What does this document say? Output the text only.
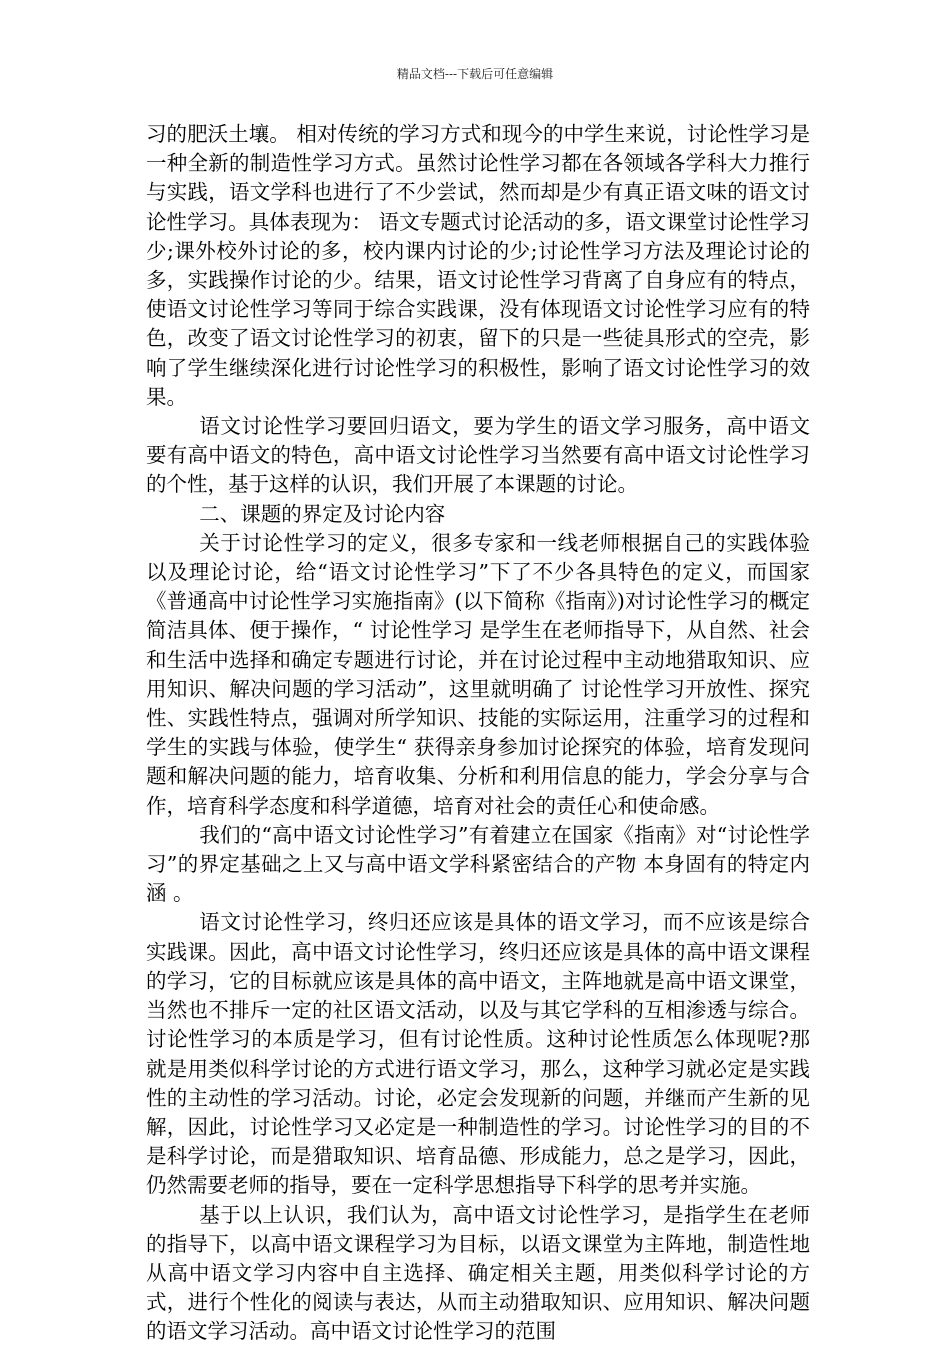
精品文档---下载后可任意编辑

习的肥沃土壤。 相对传统的学习方式和现今的中学生来说，讨论性学习是一种全新的制造性学习方式。虽然讨论性学习都在各领域各学科大力推行与实践，语文学科也进行了不少尝试，然而却是少有真正语文味的语文讨论性学习。具体表现为： 语文专题式讨论活动的多，语文课堂讨论性学习少;课外校外讨论的多，校内课内讨论的少;讨论性学习方法及理论讨论的多，实践操作讨论的少。结果，语文讨论性学习背离了自身应有的特点，使语文讨论性学习等同于综合实践课，没有体现语文讨论性学习应有的特色，改变了语文讨论性学习的初衷，留下的只是一些徒具形式的空壳，影响了学生继续深化进行讨论性学习的积极性，影响了语文讨论性学习的效果。

语文讨论性学习要回归语文，要为学生的语文学习服务，高中语文要有高中语文的特色，高中语文讨论性学习当然要有高中语文讨论性学习的个性，基于这样的认识，我们开展了本课题的讨论。

二、课题的界定及讨论内容

关于讨论性学习的定义，很多专家和一线老师根据自己的实践体验以及理论讨论，给“语文讨论性学习”下了不少各具特色的定义，而国家《普通高中讨论性学习实施指南》(以下简称《指南》)对讨论性学习的概定简洁具体、便于操作，“ 讨论性学习 是学生在老师指导下，从自然、社会和生活中选择和确定专题进行讨论，并在讨论过程中主动地猎取知识、应用知识、解决问题的学习活动”，这里就明确了 讨论性学习开放性、探究性、实践性特点，强调对所学知识、技能的实际运用，注重学习的过程和学生的实践与体验，使学生“ 获得亲身参加讨论探究的体验，培育发现问题和解决问题的能力，培育收集、分析和利用信息的能力，学会分享与合作，培育科学态度和科学道德，培育对社会的责任心和使命感。

我们的“高中语文讨论性学习”有着建立在国家《指南》对“讨论性学习”的界定基础之上又与高中语文学科紧密结合的产物 本身固有的特定内涵 。

语文讨论性学习，终归还应该是具体的语文学习，而不应该是综合实践课。因此，高中语文讨论性学习，终归还应该是具体的高中语文课程的学习，它的目标就应该是具体的高中语文，主阵地就是高中语文课堂，当然也不排斥一定的社区语文活动，以及与其它学科的互相渗透与综合。讨论性学习的本质是学习，但有讨论性质。这种讨论性质怎么体现呢?那就是用类似科学讨论的方式进行语文学习，那么，这种学习就必定是实践性的主动性的学习活动。讨论，必定会发现新的问题，并继而产生新的见解，因此，讨论性学习又必定是一种制造性的学习。讨论性学习的目的不是科学讨论，而是猎取知识、培育品德、形成能力，总之是学习，因此，仍然需要老师的指导，要在一定科学思想指导下科学的思考并实施。

基于以上认识，我们认为，高中语文讨论性学习，是指学生在老师的指导下，以高中语文课程学习为目标，以语文课堂为主阵地，制造性地从高中语文学习内容中自主选择、确定相关主题，用类似科学讨论的方式，进行个性化的阅读与表达，从而主动猎取知识、应用知识、解决问题的语文学习活动。高中语文讨论性学习的范围
